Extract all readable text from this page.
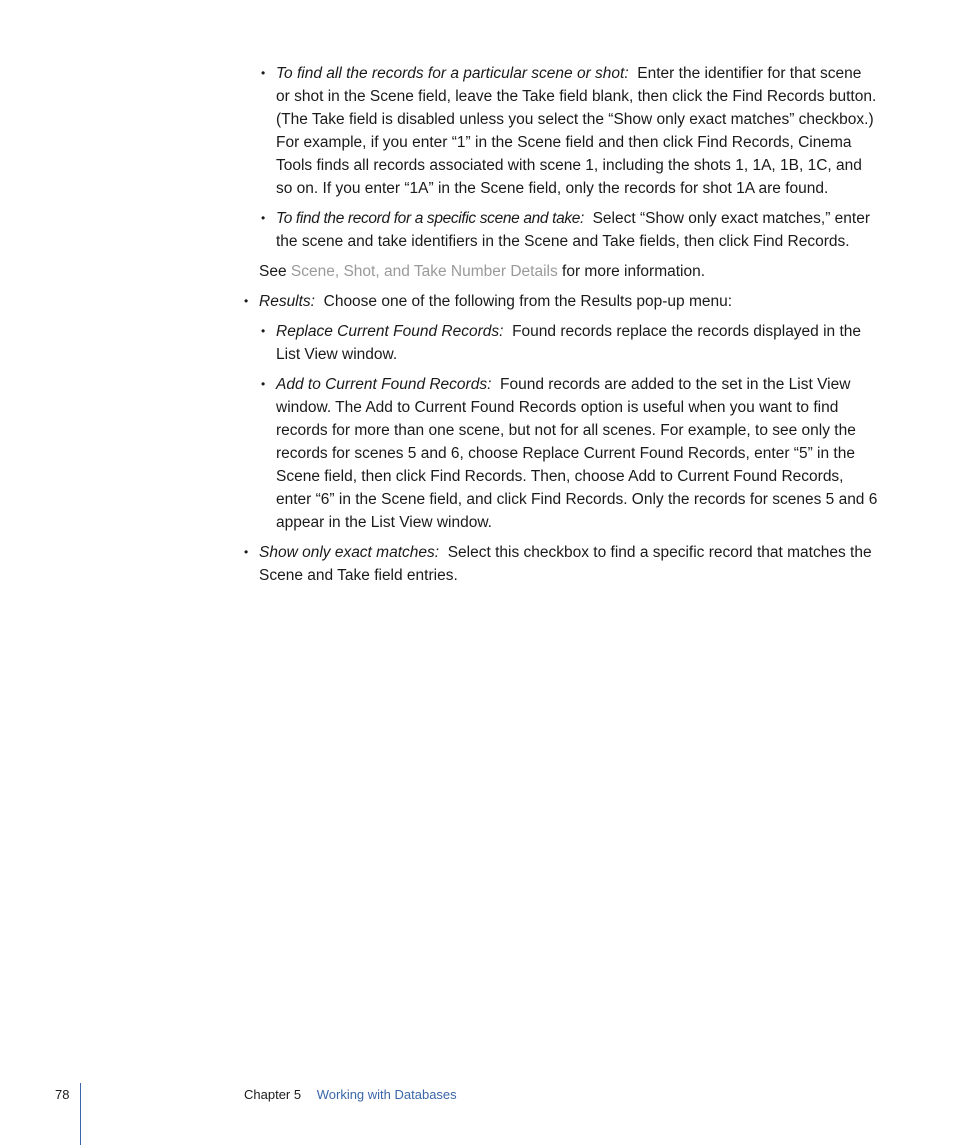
• To find all the records for a particular scene or shot: Enter the identifier for that scene or shot in the Scene field, leave the Take field blank, then click the Find Records button. (The Take field is disabled unless you select the “Show only exact matches” checkbox.) For example, if you enter “1” in the Scene field and then click Find Records, Cinema Tools finds all records associated with scene 1, including the shots 1, 1A, 1B, 1C, and so on. If you enter “1A” in the Scene field, only the records for shot 1A are found.
• To find the record for a specific scene and take: Select “Show only exact matches,” enter the scene and take identifiers in the Scene and Take fields, then click Find Records.
See Scene, Shot, and Take Number Details for more information.
• Results: Choose one of the following from the Results pop-up menu:
• Replace Current Found Records: Found records replace the records displayed in the List View window.
• Add to Current Found Records: Found records are added to the set in the List View window. The Add to Current Found Records option is useful when you want to find records for more than one scene, but not for all scenes. For example, to see only the records for scenes 5 and 6, choose Replace Current Found Records, enter “5” in the Scene field, then click Find Records. Then, choose Add to Current Found Records, enter “6” in the Scene field, and click Find Records. Only the records for scenes 5 and 6 appear in the List View window.
• Show only exact matches: Select this checkbox to find a specific record that matches the Scene and Take field entries.
78	Chapter 5 Working with Databases
